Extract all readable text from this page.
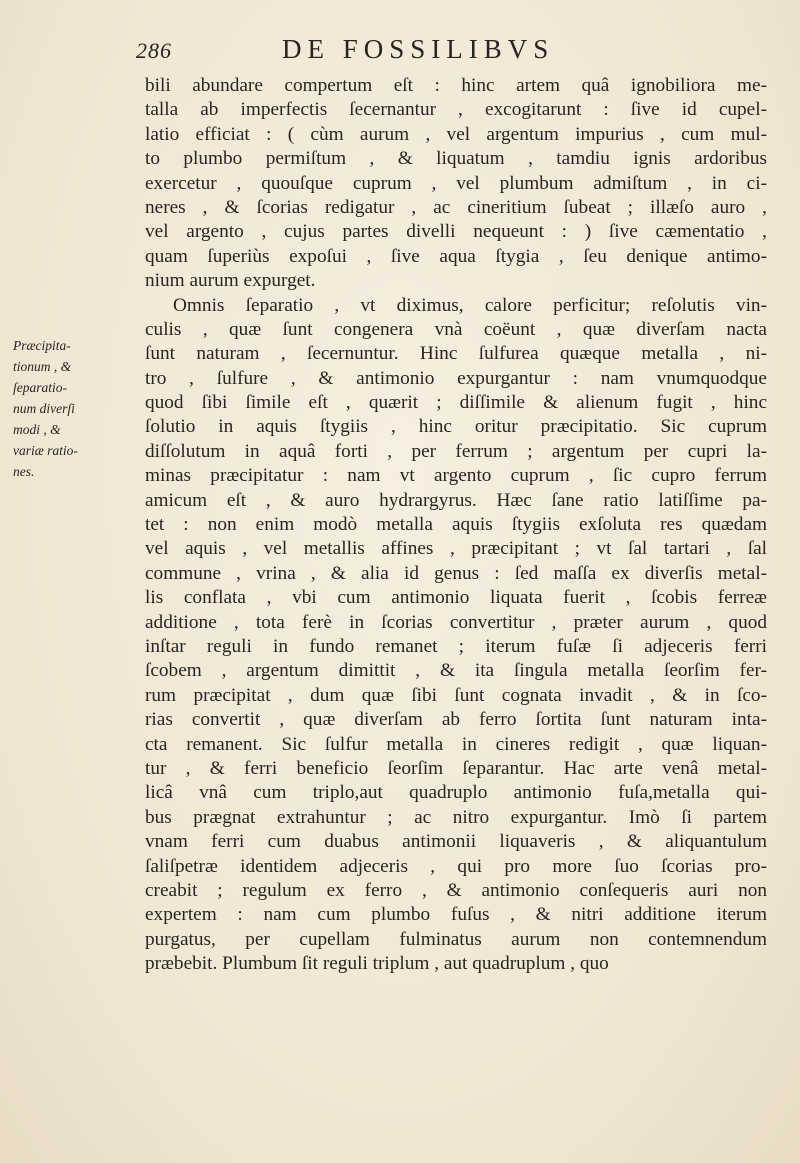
286	DE FOSSILIBVS
Præcipita-
tionum , &
ſeparatio-
num diverſi
modi , &
variæ ratio-
nes.
bili abundare compertum eſt : hinc artem quâ ignobiliora me-
talla ab imperfectis ſecernantur , excogitarunt : ſive id cupel-
latio efficiat : ( cùm aurum , vel argentum impurius , cum mul-
to plumbo permiſtum , & liquatum , tamdiu ignis ardoribus
exercetur , quouſque cuprum , vel plumbum admiſtum , in ci-
neres , & ſcorias redigatur , ac cineritium ſubeat ; illæſo auro ,
vel argento , cujus partes divelli nequeunt : ) ſive cæmentatio ,
quam ſuperiùs expoſui , ſive aqua ſtygia , ſeu denique antimo-
nium aurum expurget.
Omnis ſeparatio , vt diximus, calore perficitur; reſolutis vin-
culis , quæ ſunt congenera vnà coëunt , quæ diverſam nacta
ſunt naturam , ſecernuntur. Hinc ſulfurea quæque metalla , ni-
tro , ſulfure , & antimonio expurgantur : nam vnumquodque
quod ſibi ſimile eſt , quærit ; diſſimile & alienum fugit , hinc
ſolutio in aquis ſtygiis , hinc oritur præcipitatio. Sic cuprum
diſſolutum in aquâ forti , per ferrum ; argentum per cupri la-
minas præcipitatur : nam vt argento cuprum , ſic cupro ferrum
amicum eſt , & auro hydrargyrus. Hæc ſane ratio latiſſime pa-
tet : non enim modò metalla aquis ſtygiis exſoluta res quædam
vel aquis , vel metallis affines , præcipitant ; vt ſal tartari , ſal
commune , vrina , & alia id genus : ſed maſſa ex diverſis metal-
lis conflata , vbi cum antimonio liquata fuerit , ſcobis ferreæ
additione , tota ferè in ſcorias convertitur , præter aurum , quod
inſtar reguli in fundo remanet ; iterum fuſæ ſi adjeceris ferri
ſcobem , argentum dimittit , & ita ſingula metalla ſeorſim fer-
rum præcipitat , dum quæ ſibi ſunt cognata invadit , & in ſco-
rias convertit , quæ diverſam ab ferro ſortita ſunt naturam inta-
cta remanent. Sic ſulfur metalla in cineres redigit , quæ liquan-
tur , & ferri beneficio ſeorſim ſeparantur. Hac arte venâ metal-
licâ vnâ cum triplo,aut quadruplo antimonio fuſa,metalla qui-
bus prægnat extrahuntur ; ac nitro expurgantur. Imò ſi partem
vnam ferri cum duabus antimonii liquaveris , & aliquantulum
ſaliſpetræ identidem adjeceris , qui pro more ſuo ſcorias pro-
creabit ; regulum ex ferro , & antimonio conſequeris auri non
expertem : nam cum plumbo fuſus , & nitri additione iterum
purgatus, per cupellam fulminatus aurum non contemnendum
præbebit. Plumbum ſit reguli triplum , aut quadruplum , quo
